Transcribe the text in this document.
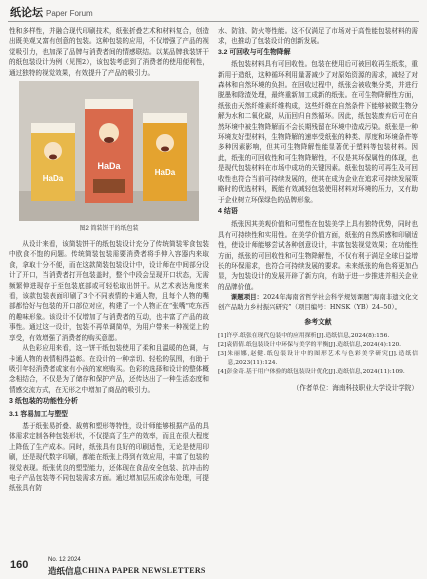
纸论坛 Paper Forum

性和多样性，并融合现代印刷技术，纸张折叠艺术和材料复合，创造出既美观又富有创意的包装。这种包装的应用，不仅增强了产品的视觉吸引力，也加深了品牌与消费者间的情感联结。以某品牌我装饼干的纸包装设计为例（见图2），该包装考虑到了消费者的使用便利性，通过独特的视觉效果，有效提升了产品的吸引力。

HaDa
HaDa
HaDa
图2 简装饼干的纸包装

从设计来看，该简装饼干的纸包装设计充分了传统简装零食包装中欧食不饱的问题。传统简装包装需要消费者将手伸入容器内来取食，拿取十分不便，而在这款简装包装设计中，设计师在中间部分设计了开口，当消费者打开包装盖时，整个中段会呈现开口状态，无需频繁伸进现存于至包装底部或可轻松取出饼干。从艺术表达角度来看，该款包装表面印刷了3个不同表情的卡通人物，且每个人物的嘴部都恰好与包装的开口部位对应，构建了一个人物正在“张嘴”吃东西的趣味形象。该设计不仅增加了与消费者的互动，也丰富了产品的故事性。通过这一设计，包装不再单调简单，为用户带来一种视觉上的享受，有效增强了消费者的购买意愿。

从色彩应用来看，这一饼干纸包装使用了柔和且温暖的色调，与卡通人物的表情相得益彰。在设计的一种亲切、轻松的氛围，有助于吸引年轻消费者或家有小孩的家庭购买。色彩的选择和设计的整体概念相结合，不仅是为了储存和保护产品，还传达出了一种生活态度和情感交流方式，在无形之中增加了商品的吸引力。

3 纸包装的功能性分析
3.1 容易加工与塑型

基于纸张易折叠、裁剪和塑形等特性，设计师能够根据产品的具体需求定制各种包装形状，不仅提高了生产的效率，而且在很大程度上降低了生产成本。同时，纸张具有良好的印刷适性，无论是使用印刷，还是现代数字印刷，都能在纸张上得到有效应用，丰富了包装的视觉表现。纸张优良的塑型能力，还体现在食品安全包装、抗冲击的电子产品包装等不同包装需求方面。通过增加层压或涂布处理，可提纸张具有防

水、防油、防火等性能。这不仅满足了市场对于高性能包装材料的需求，也推动了包装设计的创新发展。

3.2 可回收与可生物降解

纸包装材料具有可回收性。包装在使用后可被回收再生纸浆，重新用于造纸，这种循环利用量著减少了对原始资源的需求，减轻了对森林和自然环境的负担。在回收过程中，纸张会被收集分类，并进行脱墨和除渣处理，最终重新加工成新的纸张。在可生物降解性方面，纸张由天然纤维素纤维构成，这些纤维在自然条件下能够被微生物分解为水和二氧化碳，从而回归自然循环。因此，纸包装废弃后可在自然环境中被生物降解而不会长期残留在环境中造成污染。纸张是一种环境友好型材料，生物降解的速率受纸张的种类、厚度和环境条件等多种因素影响，但其可生物降解性能显著优于塑料等包装材料。因此，纸张的可回收性和可生物降解性，不仅是其环保属性的体现，也是现代包装材料在市场中成功的关键因素。纸张包装的可再生及可回收性也符合当前可持续发展的，使其在成为企业在追求可持续发展策略时的优选材料，既能有效减轻包装使用材料对环境的压力，又有助于企业树立环保绿色的品牌形象。

4 结语

纸张因其美观价值和可塑性在包装美学上具有独特优势，同时也具有可持续性和实用性。在美学价值方面，纸张的自然质感和印刷适性，使设计师能够尝试各种创意设计，丰富包装视觉效果；在功能性方面，纸张的可回收性和可生物降解性，不仅有利于满足全球日益增长的环保需求，也符合可持续发展的要求。未来纸张的角色将更加凸显，为包装设计的发展开辟了新方向，有助于进一步推进并相关企业的品牌价值。

课题项目：2024年海南省哲学社会科学规划课题“海南非遗文化文创产品助力乡村振兴研究”（项目编号：HNSK（YB）24–50）。

参考文献
[1]许亭.纸张在现代包装中的应用探析[J].造纸信息,2024(8):156.
[2]袁倩倩.纸包装设计中环保与美学的平衡[J].造纸信息,2024(4):120.
[3]朱丽娜,赵健.纸包装设计中的图形艺术与色彩美学研究[J].造纸信息,2023(11):124.
[4]彭金奇.基于用户体验的纸包装设计优化[J].造纸信息,2024(11):109.
（作者单位：海南科技职业大学设计学院）
160	No. 12 2024
造纸信息 CHINA PAPER NEWSLETTERS
